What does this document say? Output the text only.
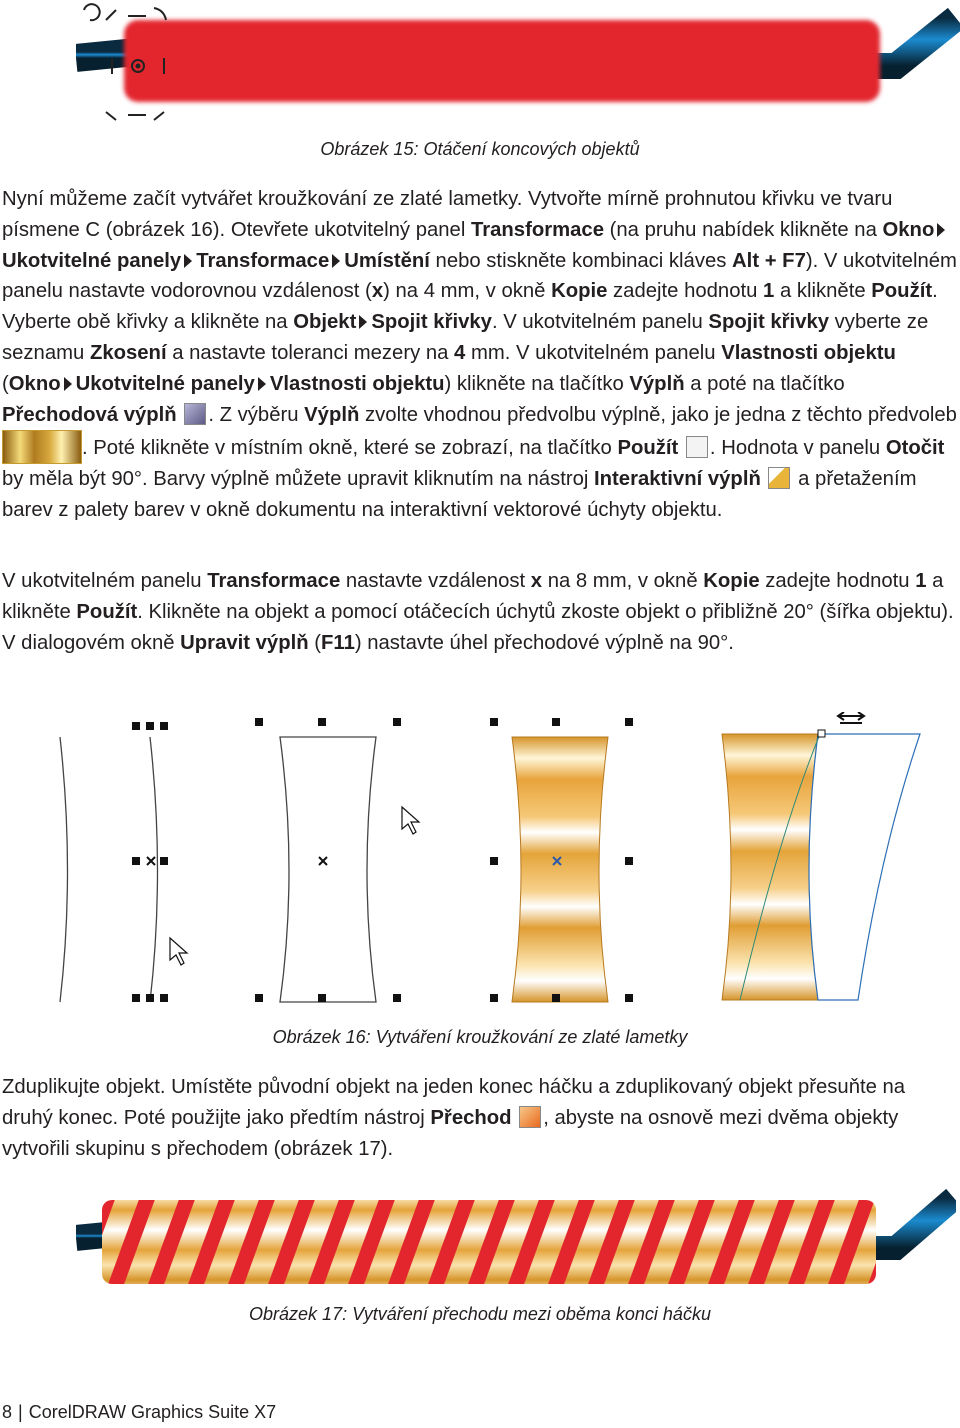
Obrázek 15: Otáčení koncových objektů

Nyní můžeme začít vytvářet kroužkování ze zlaté lametky. Vytvořte mírně prohnutou křivku ve tvaru písmene C (obrázek 16). Otevřete ukotvitelný panel Transformace (na pruhu nabídek klikněte na OknoUkotvitelné panely Transformace Umístění nebo stiskněte kombinaci kláves Alt + F7). V ukotvitelném panelu nastavte vodorovnou vzdálenost (x) na 4 mm, v okně Kopie zadejte hodnotu 1 a klikněte Použít. Vyberte obě křivky a klikněte na Objekt Spojit křivky. V ukotvitelném panelu Spojit křivky vyberte ze seznamu Zkosení a nastavte toleranci mezery na 4 mm. V ukotvitelném panelu Vlastnosti objektu (Okno Ukotvitelné panely Vlastnosti objektu) klikněte na tlačítko Výplň a poté na tlačítko Přechodová výplň . Z výběru Výplň zvolte vhodnou předvolbu výplně, jako je jedna z těchto předvoleb . Poté klikněte v místním okně, které se zobrazí, na tlačítko Použít . Hodnota v panelu Otočit by měla být 90°. Barvy výplně můžete upravit kliknutím na nástroj Interaktivní výplň  a přetažením barev z palety barev v okně dokumentu na interaktivní vektorové úchyty objektu.

V ukotvitelném panelu Transformace nastavte vzdálenost x na 8 mm, v okně Kopie zadejte hodnotu 1 a klikněte Použít. Klikněte na objekt a pomocí otáčecích úchytů zkoste objekt o přibližně 20° (šířka objektu). V dialogovém okně Upravit výplň (F11) nastavte úhel přechodové výplně na 90°.

Obrázek 16: Vytváření kroužkování ze zlaté lametky

Zduplikujte objekt. Umístěte původní objekt na jeden konec háčku a zduplikovaný objekt přesuňte na druhý konec. Poté použijte jako předtím nástroj Přechod , abyste na osnově mezi dvěma objekty vytvořili skupinu s přechodem (obrázek 17).

Obrázek 17: Vytváření přechodu mezi oběma konci háčku
8 | CorelDRAW Graphics Suite X7
